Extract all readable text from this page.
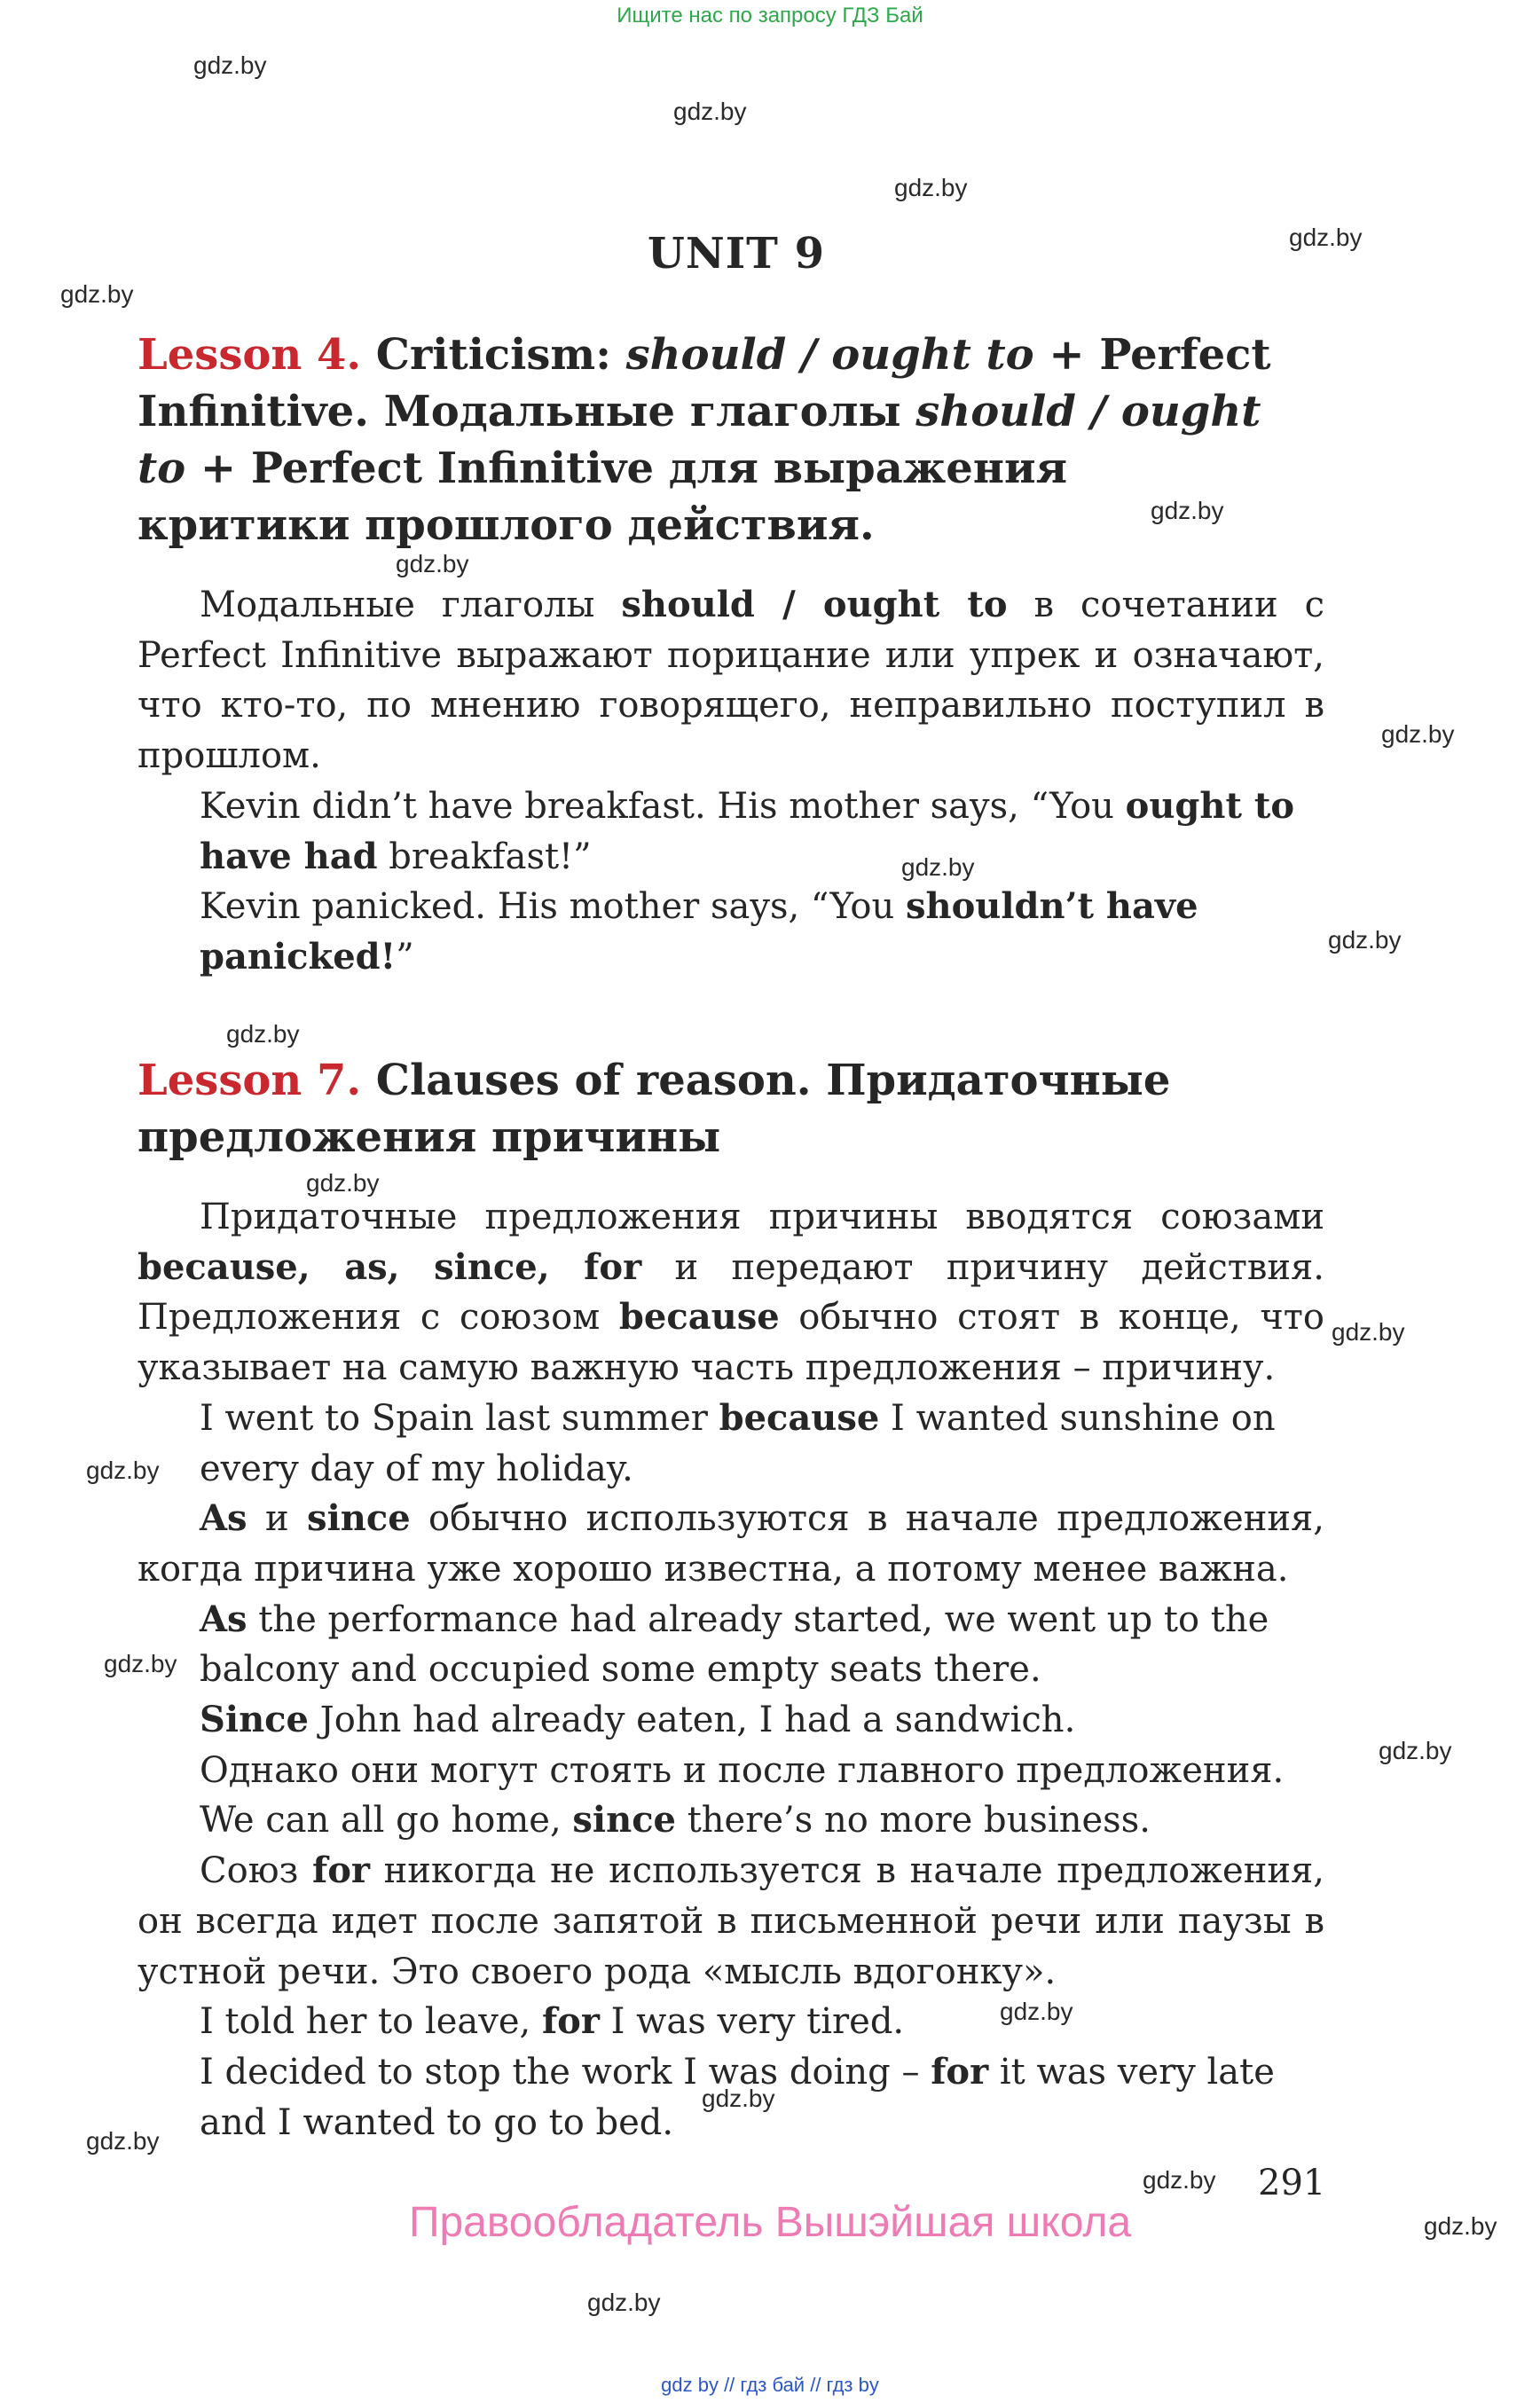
Ищите нас по запросу ГДЗ Бай
gdz.by
gdz.by
gdz.by
gdz.by
gdz.by
gdz.by
gdz.by
gdz.by
gdz.by
gdz.by
gdz.by
gdz.by
gdz.by
gdz.by
gdz.by
gdz.by
gdz.by
gdz.by
gdz.by
gdz.by
gdz.by
gdz.by
UNIT 9
Lesson 4. Criticism: should / ought to + Perfect Infinitive. Модальные глаголы should / ought to + Perfect Infinitive для выражения критики прошлого действия.

Модальные глаголы should / ought to в сочетании с Perfect Infinitive выражают порицание или упрек и означают, что кто-то, по мнению говорящего, неправильно поступил в прошлом.

Kevin didn’t have breakfast. His mother says, “You ought to have had breakfast!”

Kevin panicked. His mother says, “You shouldn’t have panicked!”

Lesson 7. Clauses of reason. Придаточные предложения причины

Придаточные предложения причины вводятся союзами because, as, since, for и передают причину действия. Предложения с союзом because обычно стоят в конце, что указывает на самую важную часть предложения – причину.

I went to Spain last summer because I wanted sunshine on every day of my holiday.

As и since обычно используются в начале предложения, когда причина уже хорошо известна, а потому менее важна.

As the performance had already started, we went up to the balcony and occupied some empty seats there.

Since John had already eaten, I had a sandwich.

Однако они могут стоять и после главного предложения.

We can all go home, since there’s no more business.

Союз for никогда не используется в начале предложения, он всегда идет после запятой в письменной речи или паузы в устной речи. Это своего рода «мысль вдогонку».

I told her to leave, for I was very tired.

I decided to stop the work I was doing – for it was very late and I wanted to go to bed.

291
Правообладатель Вышэйшая школа
gdz by // гдз бай // гдз by
